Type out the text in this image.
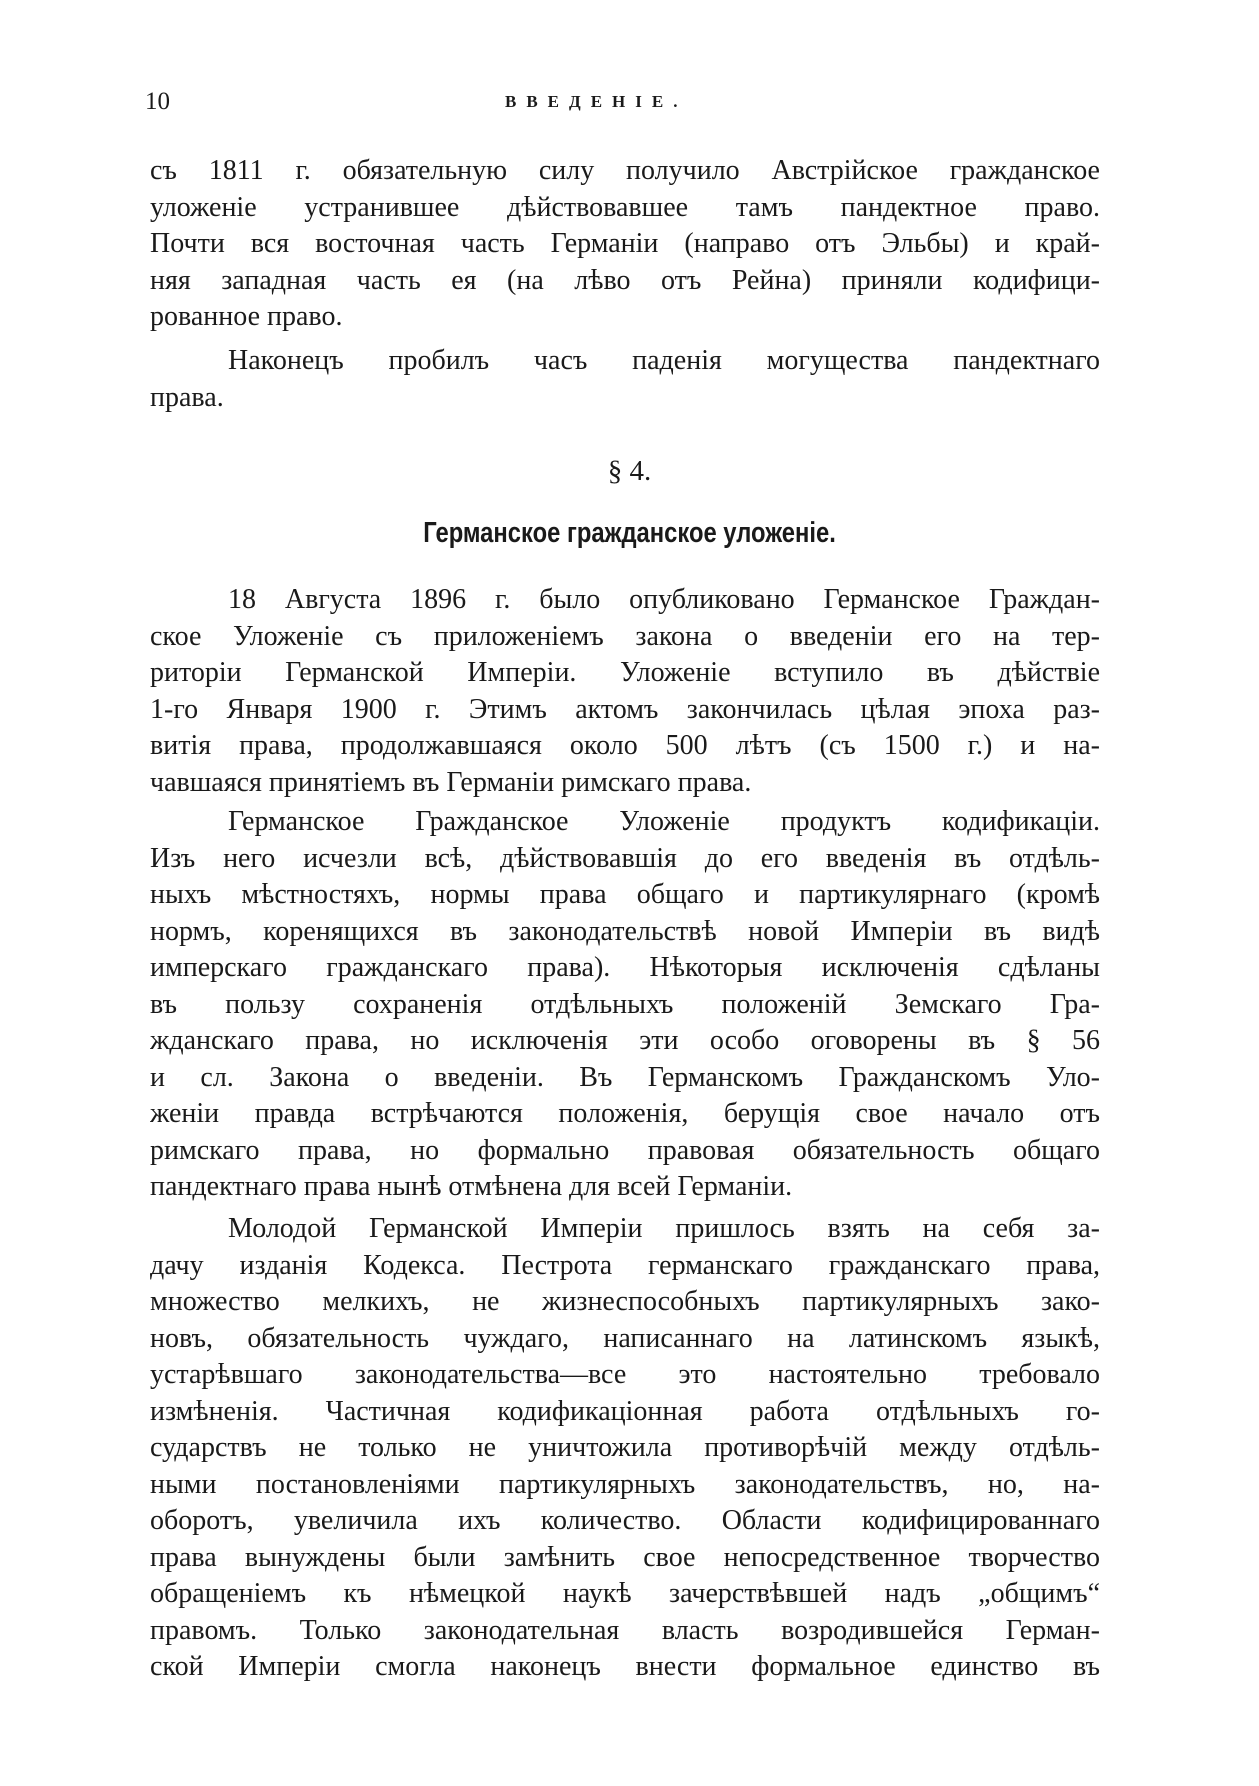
10	ВВЕДЕНІЕ.
съ 1811 г. обязательную силу получило Австрійское гражданское
уложеніе устранившее дѣйствовавшее тамъ пандектное право.
Почти вся восточная часть Германіи (направо отъ Эльбы) и край-
няя западная часть ея (на лѣво отъ Рейна) приняли кодифици-
рованное право.
Наконецъ пробилъ часъ паденія могущества пандектнаго
права.
§ 4.
Германское гражданское уложеніе.
18 Августа 1896 г. было опубликовано Германское Граждан-
ское Уложеніе съ приложеніемъ закона о введеніи его на тер-
риторіи Германской Имперіи. Уложеніе вступило въ дѣйствіе
1-го Января 1900 г. Этимъ актомъ закончилась цѣлая эпоха раз-
витія права, продолжавшаяся около 500 лѣтъ (съ 1500 г.) и на-
чавшаяся принятіемъ въ Германіи римскаго права.
Германское Гражданское Уложеніе продуктъ кодификаціи.
Изъ него исчезли всѣ, дѣйствовавшія до его введенія въ отдѣль-
ныхъ мѣстностяхъ, нормы права общаго и партикулярнаго (кромѣ
нормъ, коренящихся въ законодательствѣ новой Имперіи въ видѣ
имперскаго гражданскаго права). Нѣкоторыя исключенія сдѣланы
въ пользу сохраненія отдѣльныхъ положеній Земскаго Гра-
жданскаго права, но исключенія эти особо оговорены въ § 56
и сл. Закона о введеніи. Въ Германскомъ Гражданскомъ Уло-
женіи правда встрѣчаются положенія, берущія свое начало отъ
римскаго права, но формально правовая обязательность общаго
пандектнаго права нынѣ отмѣнена для всей Германіи.
Молодой Германской Имперіи пришлось взять на себя за-
дачу изданія Кодекса. Пестрота германскаго гражданскаго права,
множество мелкихъ, не жизнеспособныхъ партикулярныхъ зако-
новъ, обязательность чуждаго, написаннаго на латинскомъ языкѣ,
устарѣвшаго законодательства—все это настоятельно требовало
измѣненія. Частичная кодификаціонная работа отдѣльныхъ го-
сударствъ не только не уничтожила противорѣчій между отдѣль-
ными постановленіями партикулярныхъ законодательствъ, но, на-
оборотъ, увеличила ихъ количество. Области кодифицированнаго
права вынуждены были замѣнить свое непосредственное творчество
обращеніемъ къ нѣмецкой наукѣ зачерствѣвшей надъ „общимъ“
правомъ. Только законодательная власть возродившейся Герман-
ской Имперіи смогла наконецъ внести формальное единство въ
